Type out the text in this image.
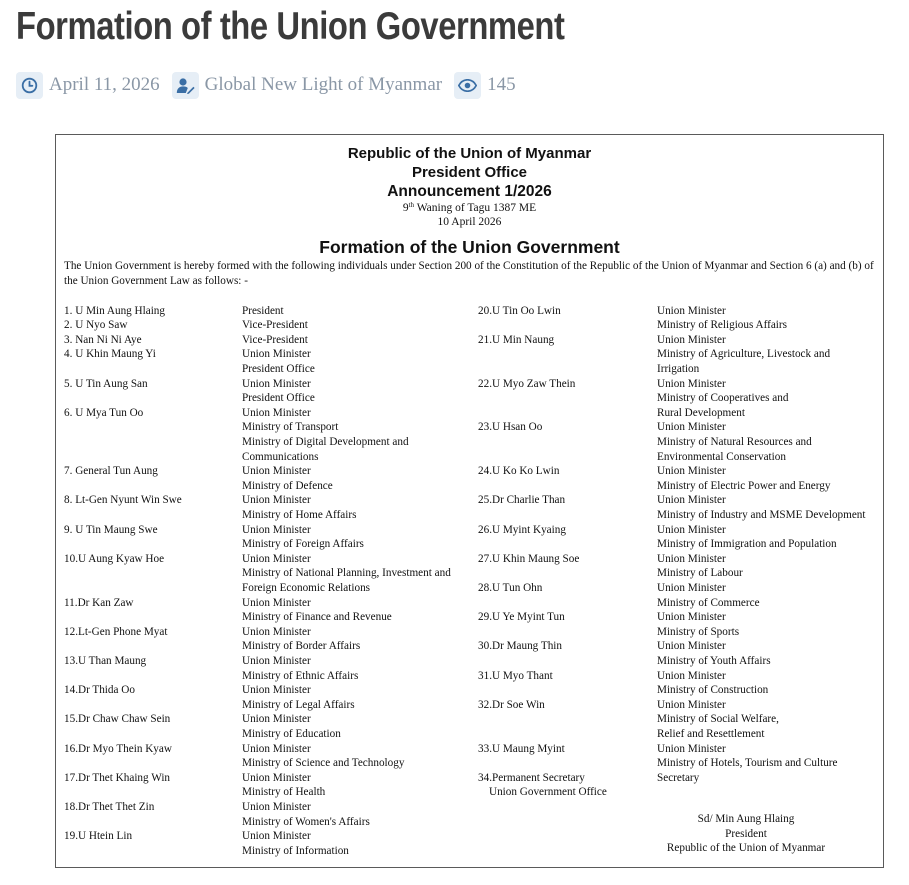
Formation of the Union Government
April 11, 2026 Global New Light of Myanmar 145
Republic of the Union of Myanmar
President Office
Announcement 1/2026
9th Waning of Tagu 1387 ME
10 April 2026
Formation of the Union Government
The Union Government is hereby formed with the following individuals under Section 200 of the Constitution of the Republic of the Union of Myanmar and Section 6 (a) and (b) of the Union Government Law as follows: -
1. U Min Aung Hlaing	President
2. U Nyo Saw	Vice-President
3. Nan Ni Ni Aye	Vice-President
4. U Khin Maung Yi	Union Minister
President Office
5. U Tin Aung San	Union Minister
President Office
6. U Mya Tun Oo	Union Minister
Ministry of Transport
Ministry of Digital Development and
Communications
7. General Tun Aung	Union Minister
Ministry of Defence
8. Lt-Gen Nyunt Win Swe	Union Minister
Ministry of Home Affairs
9. U Tin Maung Swe	Union Minister
Ministry of Foreign Affairs
10.U Aung Kyaw Hoe	Union Minister
Ministry of National Planning, Investment and
Foreign Economic Relations
11.Dr Kan Zaw	Union Minister
Ministry of Finance and Revenue
12.Lt-Gen Phone Myat	Union Minister
Ministry of Border Affairs
13.U Than Maung	Union Minister
Ministry of Ethnic Affairs
14.Dr Thida Oo	Union Minister
Ministry of Legal Affairs
15.Dr Chaw Chaw Sein	Union Minister
Ministry of Education
16.Dr Myo Thein Kyaw	Union Minister
Ministry of Science and Technology
17.Dr Thet Khaing Win	Union Minister
Ministry of Health
18.Dr Thet Thet Zin	Union Minister
Ministry of Women's Affairs
19.U Htein Lin	Union Minister
Ministry of Information
20.U Tin Oo Lwin	Union Minister
Ministry of Religious Affairs
21.U Min Naung	Union Minister
Ministry of Agriculture, Livestock and
Irrigation
22.U Myo Zaw Thein	Union Minister
Ministry of Cooperatives and
Rural Development
23.U Hsan Oo	Union Minister
Ministry of Natural Resources and
Environmental Conservation
24.U Ko Ko Lwin	Union Minister
Ministry of Electric Power and Energy
25.Dr Charlie Than	Union Minister
Ministry of Industry and MSME Development
26.U Myint Kyaing	Union Minister
Ministry of Immigration and Population
27.U Khin Maung Soe	Union Minister
Ministry of Labour
28.U Tun Ohn	Union Minister
Ministry of Commerce
29.U Ye Myint Tun	Union Minister
Ministry of Sports
30.Dr Maung Thin	Union Minister
Ministry of Youth Affairs
31.U Myo Thant	Union Minister
Ministry of Construction
32.Dr Soe Win	Union Minister
Ministry of Social Welfare,
Relief and Resettlement
33.U Maung Myint	Union Minister
Ministry of Hotels, Tourism and Culture
34.Permanent Secretary
Union Government Office
Secretary
Sd/ Min Aung Hlaing
President
Republic of the Union of Myanmar
